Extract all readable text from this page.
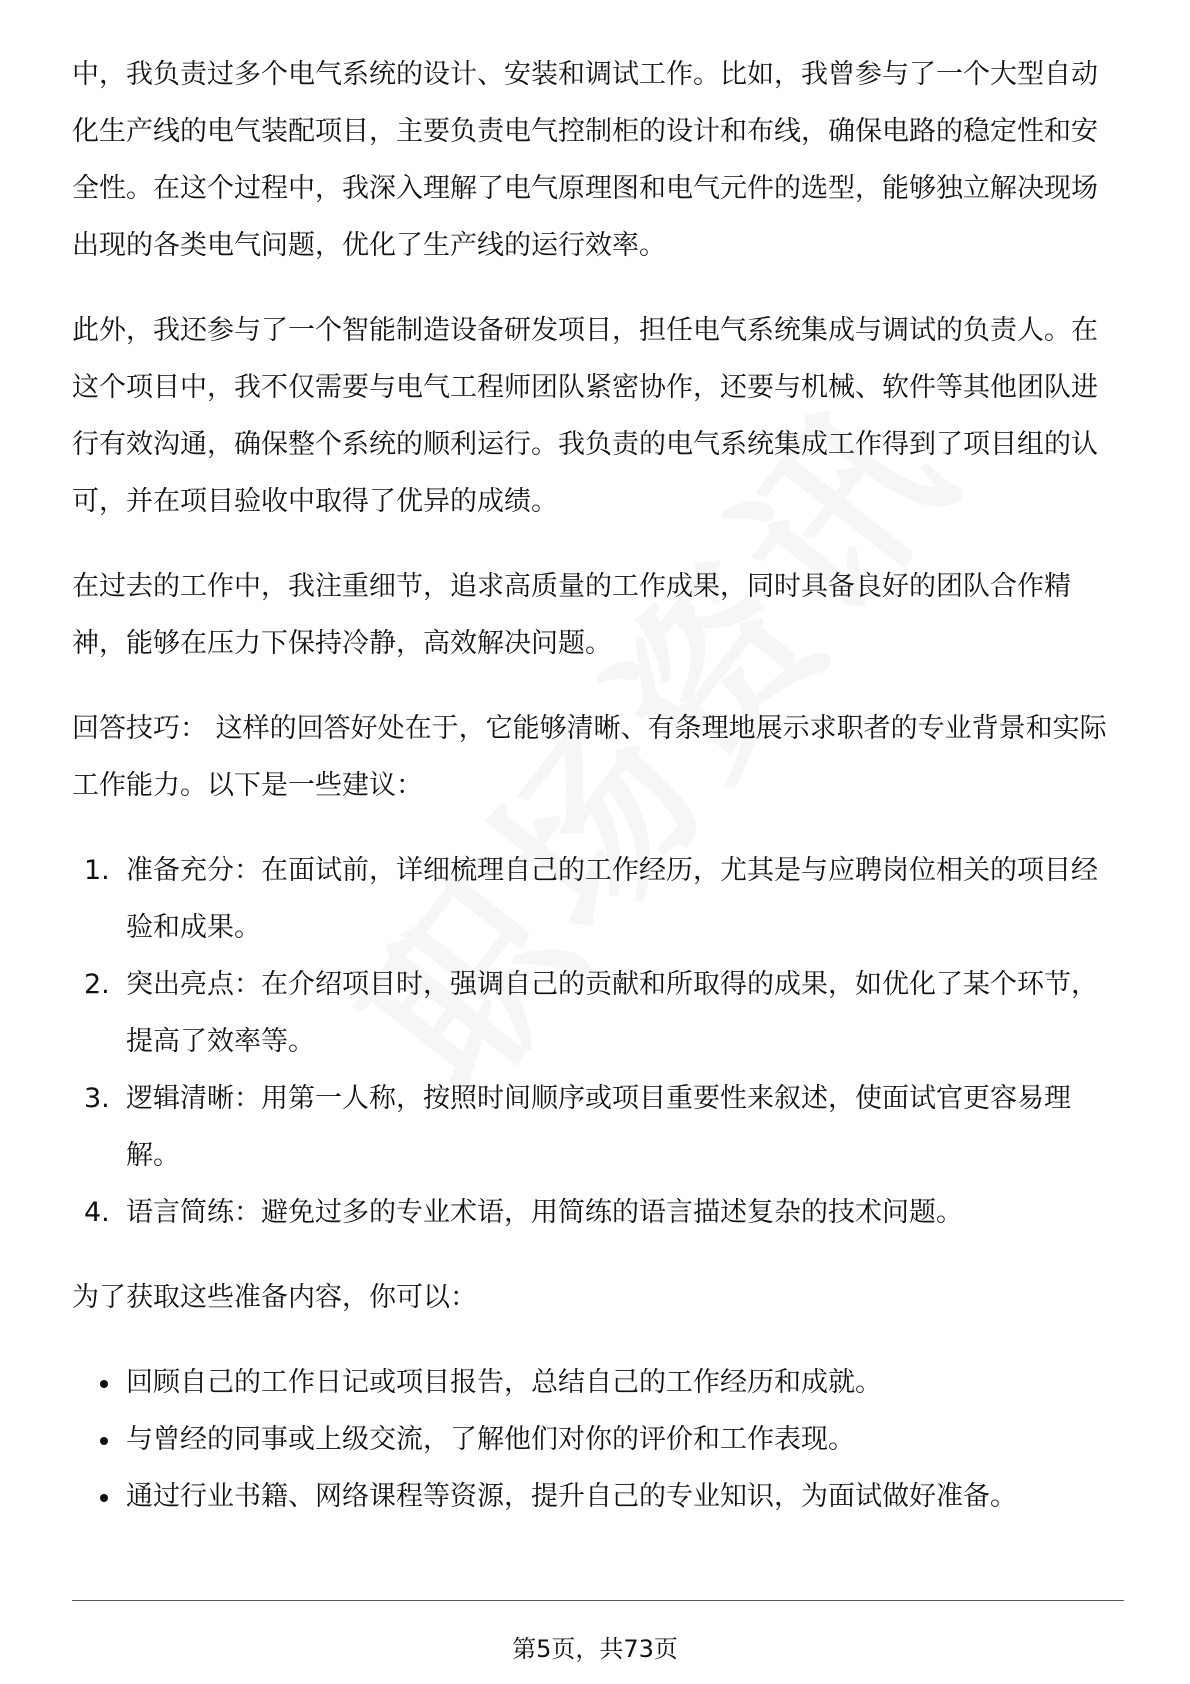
中，我负责过多个电气系统的设计、安装和调试工作。比如，我曾参与了一个大型自动化生产线的电气装配项目，主要负责电气控制柜的设计和布线，确保电路的稳定性和安全性。在这个过程中，我深入理解了电气原理图和电气元件的选型，能够独立解决现场出现的各类电气问题，优化了生产线的运行效率。

此外，我还参与了一个智能制造设备研发项目，担任电气系统集成与调试的负责人。在这个项目中，我不仅需要与电气工程师团队紧密协作，还要与机械、软件等其他团队进行有效沟通，确保整个系统的顺利运行。我负责的电气系统集成工作得到了项目组的认可，并在项目验收中取得了优异的成绩。

在过去的工作中，我注重细节，追求高质量的工作成果，同时具备良好的团队合作精神，能够在压力下保持冷静，高效解决问题。

回答技巧： 这样的回答好处在于，它能够清晰、有条理地展示求职者的专业背景和实际工作能力。以下是一些建议：

1. 准备充分：在面试前，详细梳理自己的工作经历，尤其是与应聘岗位相关的项目经验和成果。
2. 突出亮点：在介绍项目时，强调自己的贡献和所取得的成果，如优化了某个环节，提高了效率等。
3. 逻辑清晰：用第一人称，按照时间顺序或项目重要性来叙述，使面试官更容易理解。
4. 语言简练：避免过多的专业术语，用简练的语言描述复杂的技术问题。

为了获取这些准备内容，你可以：

回顾自己的工作日记或项目报告，总结自己的工作经历和成就。
与曾经的同事或上级交流，了解他们对你的评价和工作表现。
通过行业书籍、网络课程等资源，提升自己的专业知识，为面试做好准备。
第5页，共73页
